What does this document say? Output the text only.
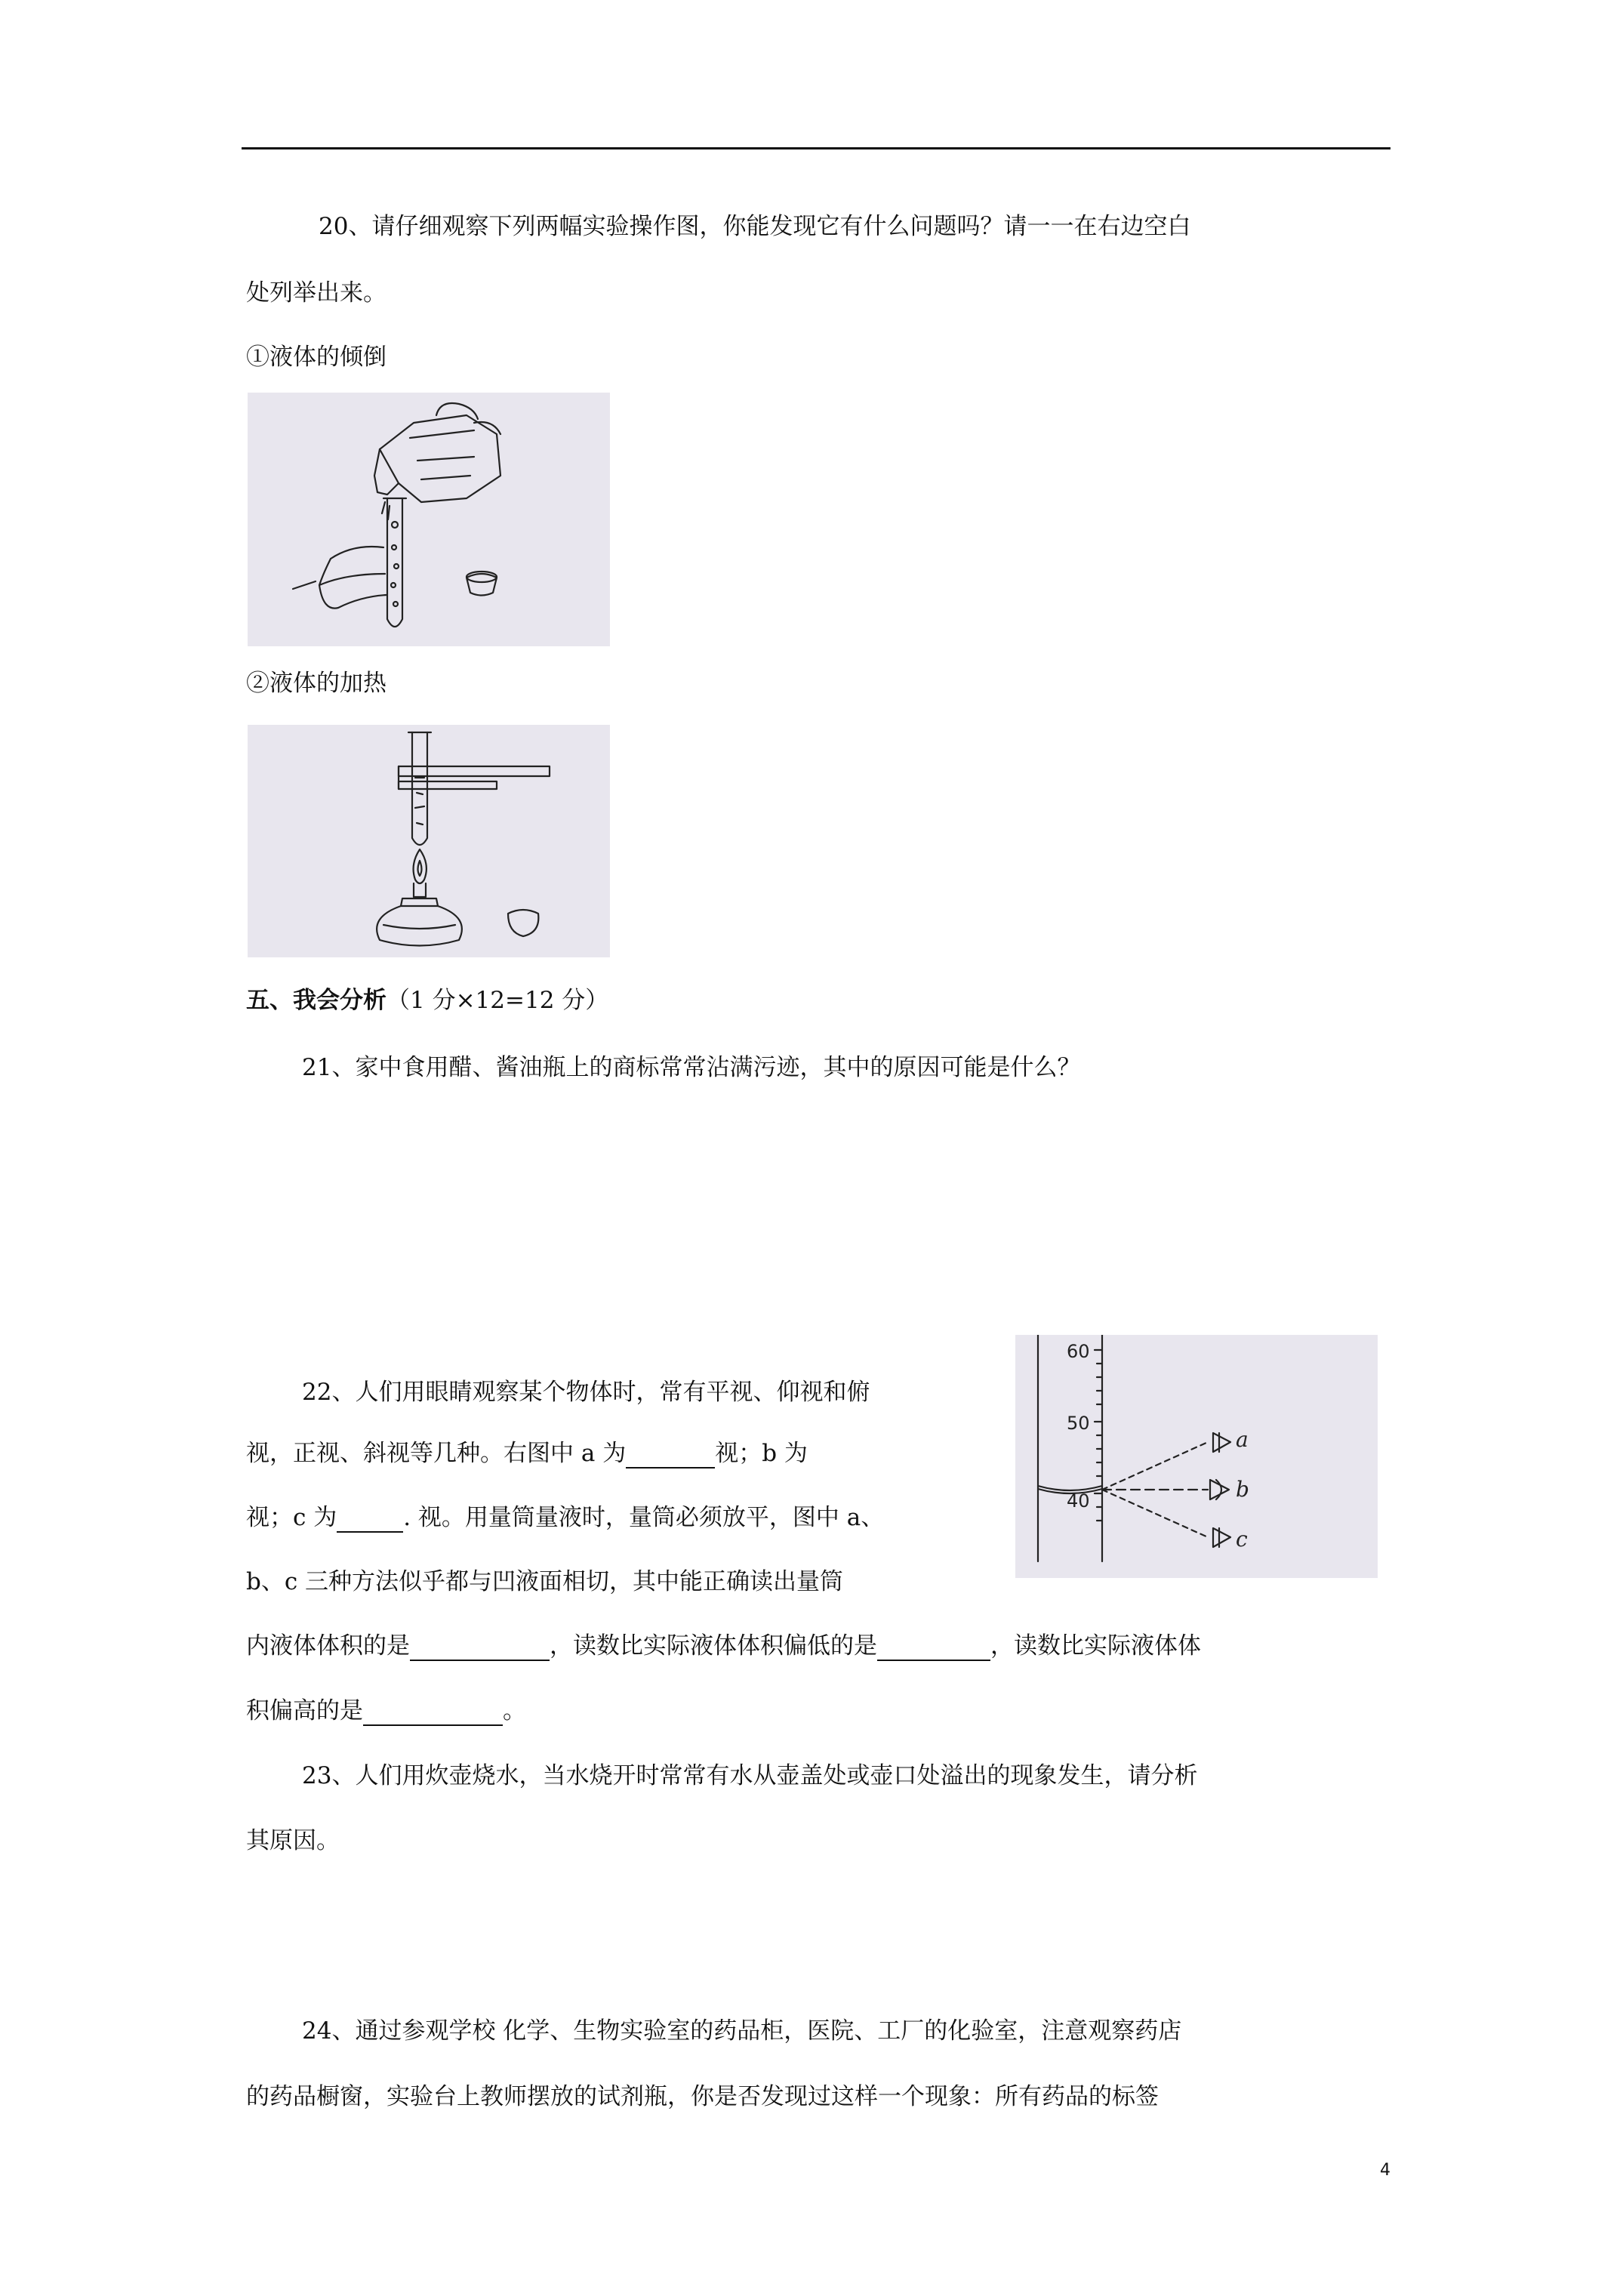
20、请仔细观察下列两幅实验操作图，你能发现它有什么问题吗？请一一在右边空白
处列举出来。
①液体的倾倒
②液体的加热
五、我会分析（1 分×12=12 分）
21、家中食用醋、酱油瓶上的商标常常沾满污迹，其中的原因可能是什么？
22、人们用眼睛观察某个物体时，常有平视、仰视和俯
视，正视、斜视等几种。右图中 a 为	视；b 为
视；c 为	. 视。用量筒量液时，量筒必须放平，图中 a、
b、c 三种方法似乎都与凹液面相切，其中能正确读出量筒
内液体体积的是	，读数比实际液体体积偏低的是	，读数比实际液体体
积偏高的是	。
60
50
40
a
b
c
23、人们用炊壶烧水，当水烧开时常常有水从壶盖处或壶口处溢出的现象发生，请分析
其原因。
24、通过参观学校 化学、生物实验室的药品柜，医院、工厂的化验室，注意观察药店
的药品橱窗，实验台上教师摆放的试剂瓶，你是否发现过这样一个现象：所有药品的标签
4
